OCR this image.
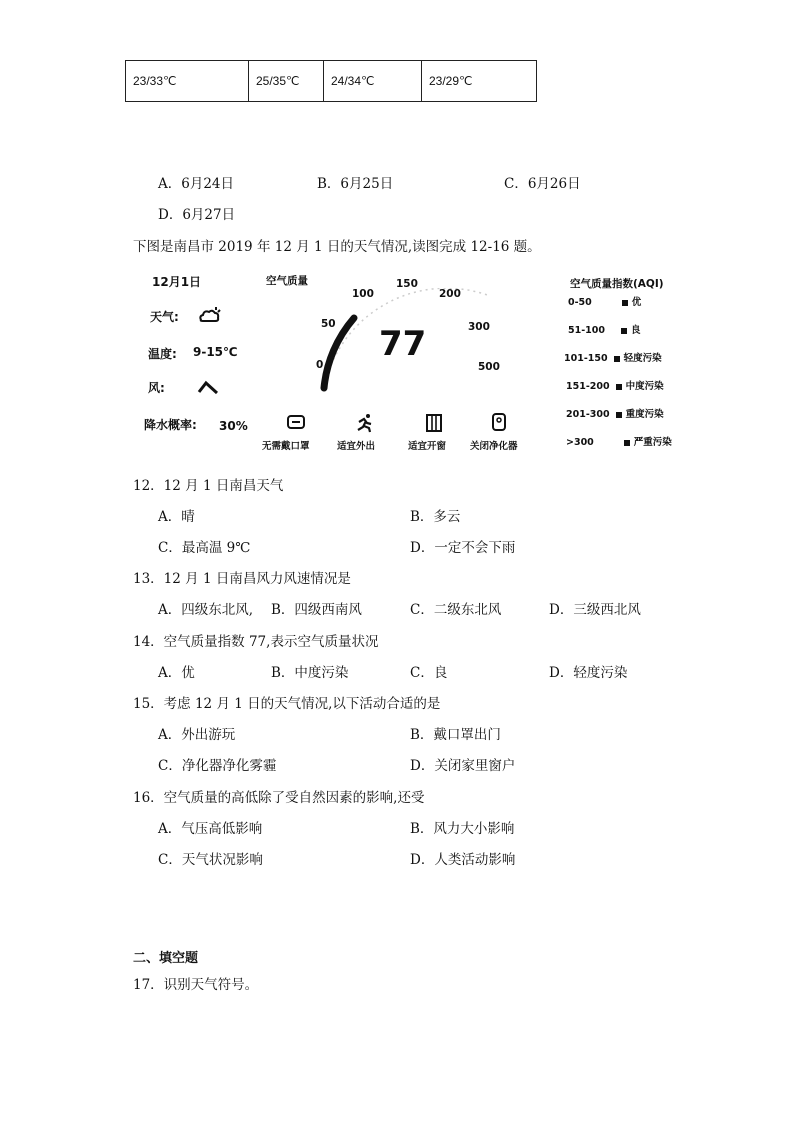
23/33℃	25/35℃	24/34℃	23/29℃
A．6月24日	B．6月25日	C．6月26日
D．6月27日
下图是南昌市 2019 年 12 月 1 日的天气情况,读图完成 12-16 题。
12月1日
天气:
温度: 9-15℃
风:
降水概率: 30%
空气质量
0
50
100
150
200
300
500
77
无需戴口罩	适宜外出	适宜开窗	关闭净化器
空气质量指数(AQI)
0-50	优
51-100	良
101-150 轻度污染
151-200 中度污染
201-300 重度污染
>300	严重污染
12．12 月 1 日南昌天气
A．晴	B．多云
C．最高温 9℃	D．一定不会下雨
13．12 月 1 日南昌风力风速情况是
A．四级东北风, B．四级西南风	C．二级东北风	D．三级西北风
14．空气质量指数 77,表示空气质量状况
A．优	B．中度污染	C．良	D．轻度污染
15．考虑 12 月 1 日的天气情况,以下活动合适的是
A．外出游玩	B．戴口罩出门
C．净化器净化雾霾	D．关闭家里窗户
16．空气质量的高低除了受自然因素的影响,还受
A．气压高低影响	B．风力大小影响
C．天气状况影响	D．人类活动影响
二、填空题
17．识别天气符号。
